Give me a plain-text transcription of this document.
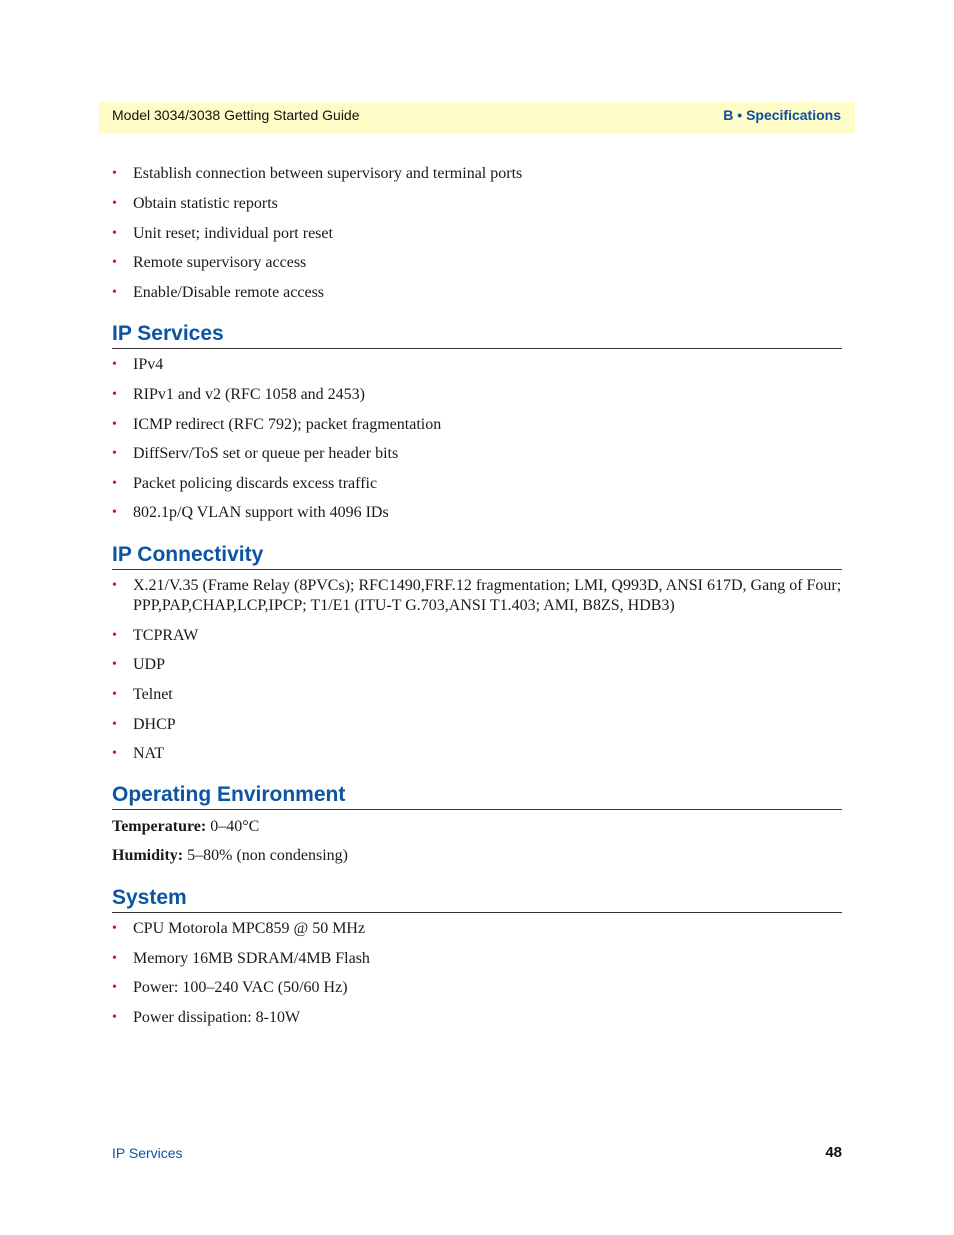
Model 3034/3038 Getting Started Guide	B • Specifications
• Establish connection between supervisory and terminal ports
• Obtain statistic reports
• Unit reset; individual port reset
• Remote supervisory access
• Enable/Disable remote access
IP Services
• IPv4
• RIPv1 and v2 (RFC 1058 and 2453)
• ICMP redirect (RFC 792); packet fragmentation
• DiffServ/ToS set or queue per header bits
• Packet policing discards excess traffic
• 802.1p/Q VLAN support with 4096 IDs
IP Connectivity
• X.21/V.35 (Frame Relay (8PVCs); RFC1490,FRF.12 fragmentation; LMI, Q993D, ANSI 617D, Gang of Four; PPP,PAP,CHAP,LCP,IPCP; T1/E1 (ITU-T G.703,ANSI T1.403; AMI, B8ZS, HDB3)
• TCPRAW
• UDP
• Telnet
• DHCP
• NAT
Operating Environment
Temperature: 0–40°C
Humidity: 5–80% (non condensing)
System
• CPU Motorola MPC859 @ 50 MHz
• Memory 16MB SDRAM/4MB Flash
• Power: 100–240 VAC (50/60 Hz)
• Power dissipation: 8-10W
IP Services	48
